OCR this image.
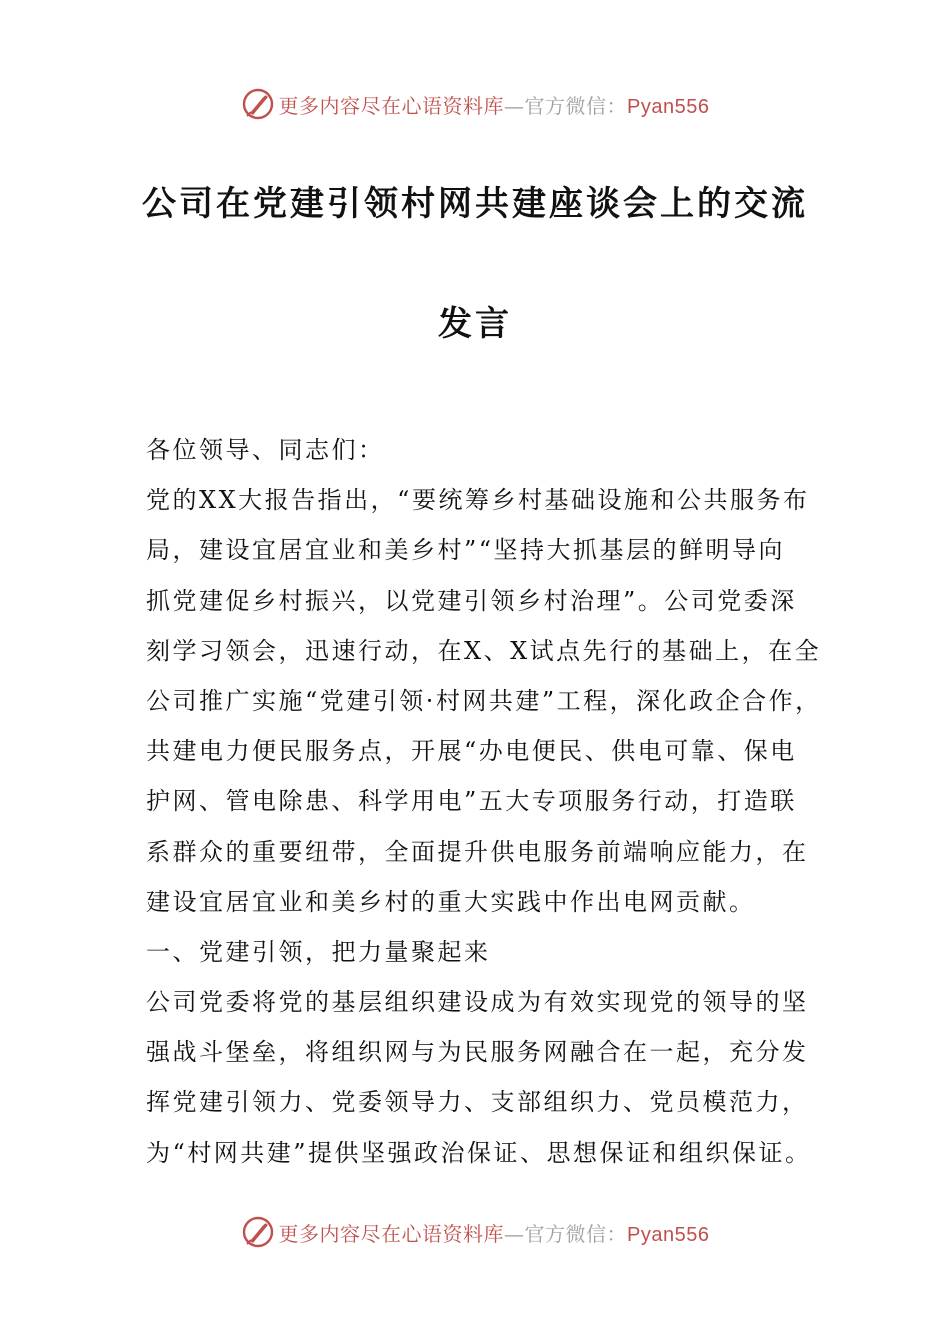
更多内容尽在心语资料库—官方微信：Pyan556
公司在党建引领村网共建座谈会上的交流
发言
各位领导、同志们：
党的XX大报告指出，“要统筹乡村基础设施和公共服务布
局，建设宜居宜业和美乡村”“坚持大抓基层的鲜明导向
抓党建促乡村振兴，以党建引领乡村治理”。公司党委深
刻学习领会，迅速行动，在X、X试点先行的基础上，在全
公司推广实施“党建引领·村网共建”工程，深化政企合作，
共建电力便民服务点，开展“办电便民、供电可靠、保电
护网、管电除患、科学用电”五大专项服务行动，打造联
系群众的重要纽带，全面提升供电服务前端响应能力，在
建设宜居宜业和美乡村的重大实践中作出电网贡献。
一、党建引领，把力量聚起来
公司党委将党的基层组织建设成为有效实现党的领导的坚
强战斗堡垒，将组织网与为民服务网融合在一起，充分发
挥党建引领力、党委领导力、支部组织力、党员模范力，
为“村网共建”提供坚强政治保证、思想保证和组织保证。
更多内容尽在心语资料库—官方微信：Pyan556
